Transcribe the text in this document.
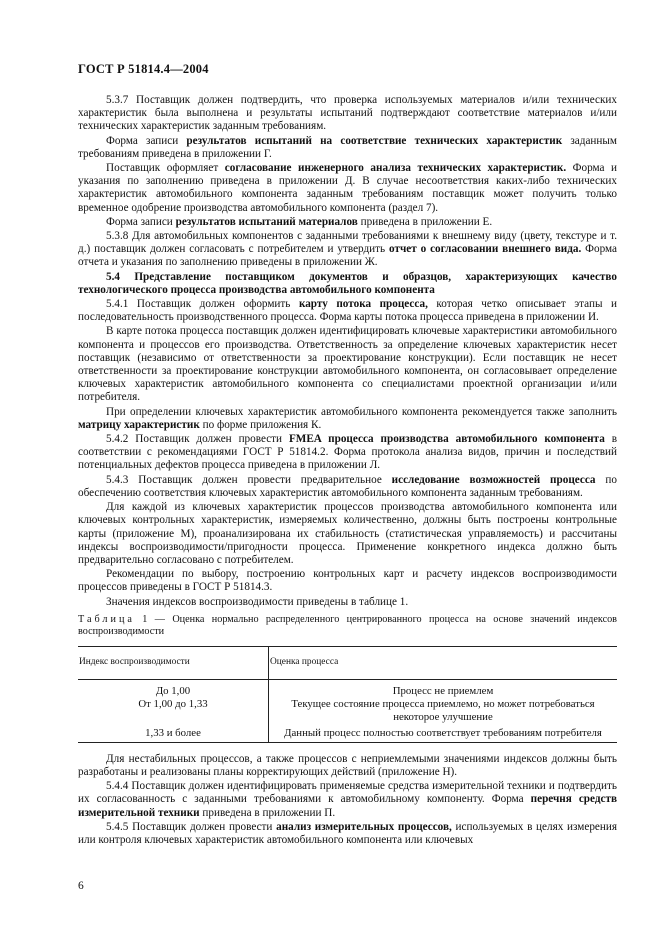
ГОСТ Р 51814.4—2004

5.3.7 Поставщик должен подтвердить, что проверка используемых материалов и/или технических характеристик была выполнена и результаты испытаний подтверждают соответствие материалов и/или технических характеристик заданным требованиям.

Форма записи результатов испытаний на соответствие технических характеристик заданным требованиям приведена в приложении Г.

Поставщик оформляет согласование инженерного анализа технических характеристик. Форма и указания по заполнению приведена в приложении Д. В случае несоответствия каких-либо технических характеристик автомобильного компонента заданным требованиям поставщик может получить только временное одобрение производства автомобильного компонента (раздел 7).

Форма записи результатов испытаний материалов приведена в приложении Е.

5.3.8 Для автомобильных компонентов с заданными требованиями к внешнему виду (цвету, текстуре и т. д.) поставщик должен согласовать с потребителем и утвердить отчет о согласовании внешнего вида. Форма отчета и указания по заполнению приведены в приложении Ж.

5.4 Представление поставщиком документов и образцов, характеризующих качество технологического процесса производства автомобильного компонента

5.4.1 Поставщик должен оформить карту потока процесса, которая четко описывает этапы и последовательность производственного процесса. Форма карты потока процесса приведена в приложении И.

В карте потока процесса поставщик должен идентифицировать ключевые характеристики автомобильного компонента и процессов его производства. Ответственность за определение ключевых характеристик несет поставщик (независимо от ответственности за проектирование конструкции). Если поставщик не несет ответственности за проектирование конструкции автомобильного компонента, он согласовывает определение ключевых характеристик автомобильного компонента со специалистами проектной организации и/или потребителя.

При определении ключевых характеристик автомобильного компонента рекомендуется также заполнить матрицу характеристик по форме приложения К.

5.4.2 Поставщик должен провести FMEA процесса производства автомобильного компонента в соответствии с рекомендациями ГОСТ Р 51814.2. Форма протокола анализа видов, причин и последствий потенциальных дефектов процесса приведена в приложении Л.

5.4.3 Поставщик должен провести предварительное исследование возможностей процесса по обеспечению соответствия ключевых характеристик автомобильного компонента заданным требованиям.

Для каждой из ключевых характеристик процессов производства автомобильного компонента или ключевых контрольных характеристик, измеряемых количественно, должны быть построены контрольные карты (приложение М), проанализирована их стабильность (статистическая управляемость) и рассчитаны индексы воспроизводимости/пригодности процесса. Применение конкретного индекса должно быть предварительно согласовано с потребителем.

Рекомендации по выбору, построению контрольных карт и расчету индексов воспроизводимости процессов приведены в ГОСТ Р 51814.3.

Значения индексов воспроизводимости приведены в таблице 1.

Таблица 1 — Оценка нормально распределенного центрированного процесса на основе значений индексов воспроизводимости

Индекс воспроизводимости	Оценка процесса
До 1,00	Процесс не приемлем
От 1,00 до 1,33	Текущее состояние процесса приемлемо, но может потребоваться некоторое улучшение
1,33 и более	Данный процесс полностью соответствует требованиям потребителя

Для нестабильных процессов, а также процессов с неприемлемыми значениями индексов должны быть разработаны и реализованы планы корректирующих действий (приложение Н).

5.4.4 Поставщик должен идентифицировать применяемые средства измерительной техники и подтвердить их согласованность с заданными требованиями к автомобильному компоненту. Форма перечня средств измерительной техники приведена в приложении П.

5.4.5 Поставщик должен провести анализ измерительных процессов, используемых в целях измерения или контроля ключевых характеристик автомобильного компонента или ключевых

6
